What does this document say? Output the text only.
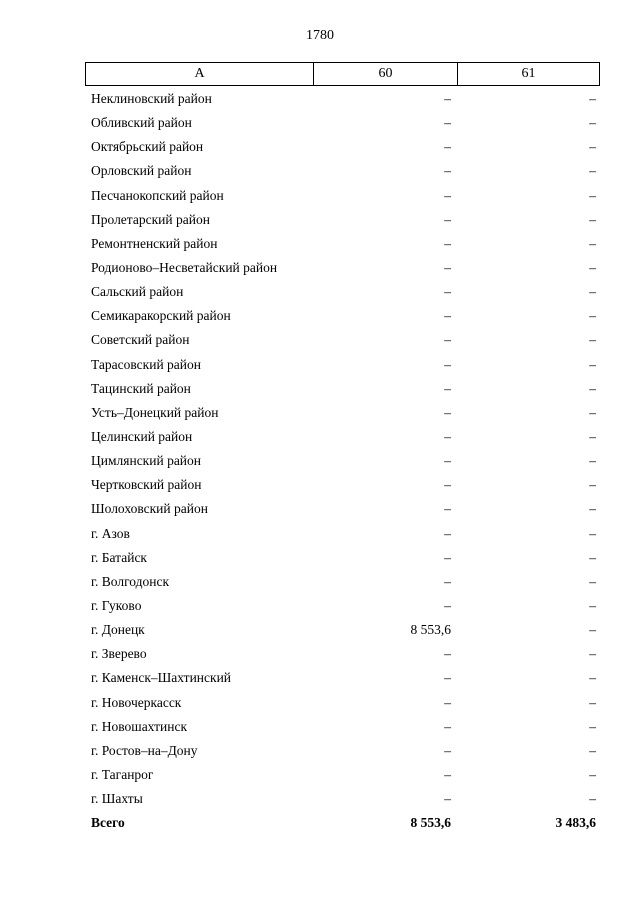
1780
А	60	61
Неклиновский район	–	–
Обливский район	–	–
Октябрьский район	–	–
Орловский район	–	–
Песчанокопский район	–	–
Пролетарский район	–	–
Ремонтненский район	–	–
Родионово–Несветайский район	–	–
Сальский район	–	–
Семикаракорский район	–	–
Советский район	–	–
Тарасовский район	–	–
Тацинский район	–	–
Усть–Донецкий район	–	–
Целинский район	–	–
Цимлянский район	–	–
Чертковский район	–	–
Шолоховский район	–	–
г. Азов	–	–
г. Батайск	–	–
г. Волгодонск	–	–
г. Гуково	–	–
г. Донецк	8 553,6	–
г. Зверево	–	–
г. Каменск–Шахтинский	–	–
г. Новочеркасск	–	–
г. Новошахтинск	–	–
г. Ростов–на–Дону	–	–
г. Таганрог	–	–
г. Шахты	–	–
Всего	8 553,6	3 483,6
